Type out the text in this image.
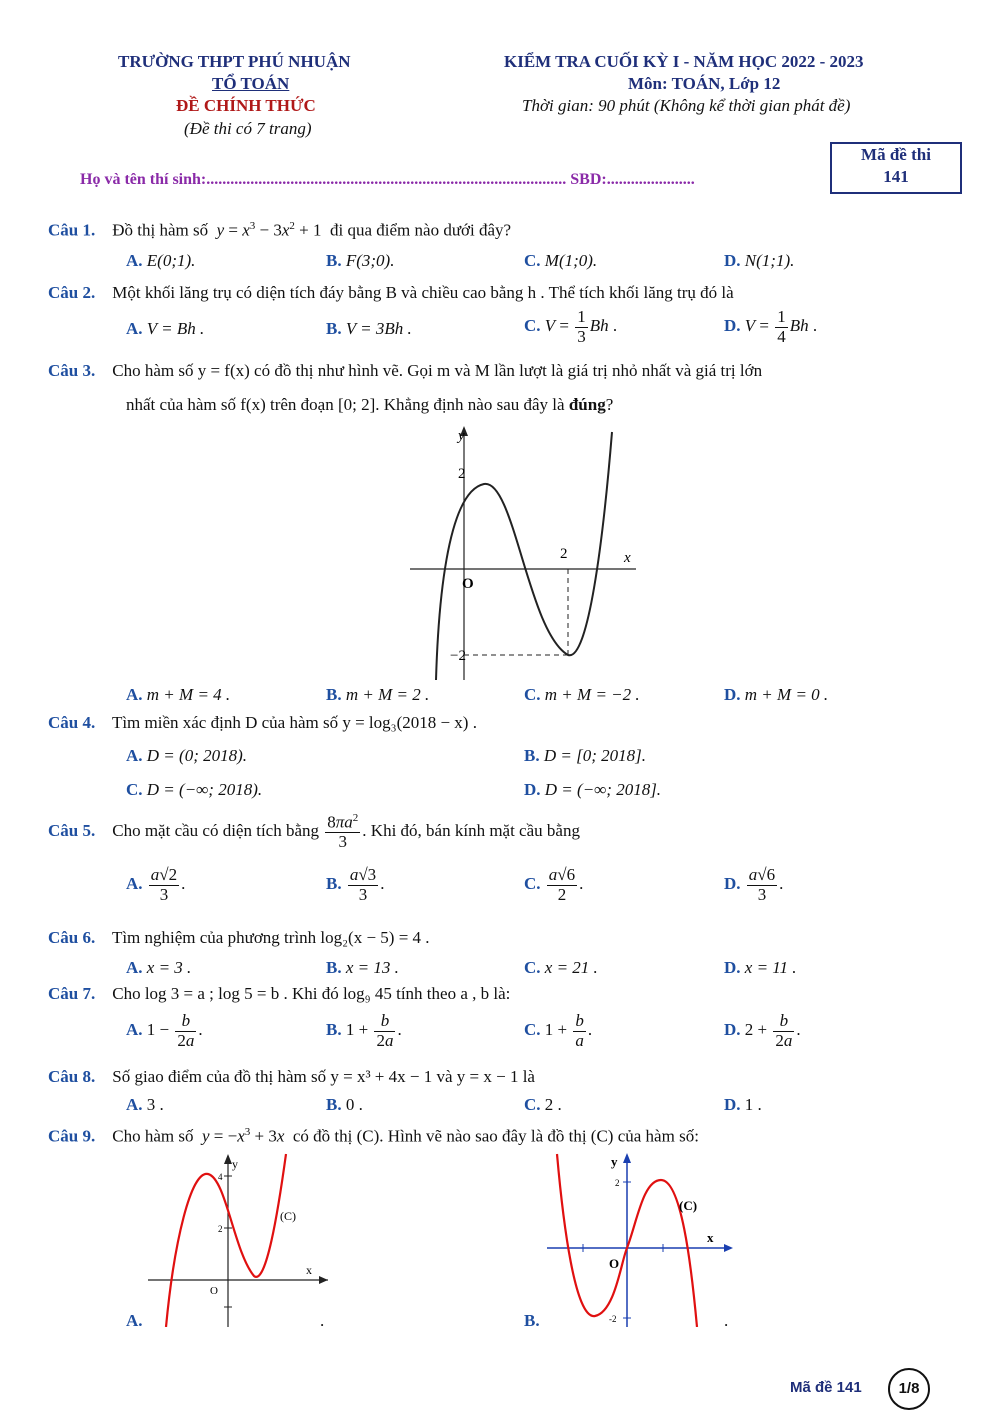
TRƯỜNG THPT PHÚ NHUẬN
TỔ TOÁN
ĐỀ CHÍNH THỨC
(Đề thi có 7 trang)
KIỂM TRA CUỐI KỲ I - NĂM HỌC 2022 - 2023
Môn: TOÁN, Lớp 12
Thời gian: 90 phút (Không kể thời gian phát đề)
Họ và tên thí sinh:.......................................................................................... SBD:......................
Mã đề thi
141
Câu 1. Đồ thị hàm số $y = x^3 - 3x^2 + 1$  đi qua điểm nào dưới đây?
A. E(0;1).	B. F(3;0).	C. M(1;0).	D. N(1;1).
Câu 2. Một khối lăng trụ có diện tích đáy bằng B và chiều cao bằng h . Thể tích khối lăng trụ đó là
A. V = Bh .	B. V = 3Bh .	C. $V = \frac{1}{3}$ Bh .	D. $V = \frac{1}{4}$ Bh .
Câu 3. Cho hàm số y = f(x) có đồ thị như hình vẽ. Gọi m và M lần lượt là giá trị nhỏ nhất và giá trị lớn
nhất của hàm số f(x) trên đoạn [0; 2]. Khẳng định nào sau đây là đúng?
y
x
2
2
O
−2
A. m + M = 4 .	B. m + M = 2 .	C. m + M = −2 .	D. m + M = 0 .
Câu 4. Tìm miền xác định D của hàm số y = log₃(2018 − x) .
A. D = (0; 2018).	B. D = [0; 2018].
C. D = (−∞; 2018).	D. D = (−∞; 2018].
Câu 5. Cho mặt cầu có diện tích bằng $\frac{8\pi a^2}{3}$ . Khi đó, bán kính mặt cầu bằng
A. $\frac{a√2}{3}$ .	B. $\frac{a√3}{3}$ .	C. $\frac{a√6}{2}$ .	D. $\frac{a√6}{3}$ .
Câu 6. Tìm nghiệm của phương trình log₂(x − 5) = 4 .
A. x = 3 .	B. x = 13 .	C. x = 21 .	D. x = 11 .
Câu 7. Cho log 3 = a ; log 5 = b . Khi đó log₉ 45 tính theo a , b là:
A. $1 - \frac{b}{2a}$ .	B. $1 + \frac{b}{2a}$ .	C. $1 + \frac{b}{a}$ .	D. $2 + \frac{b}{2a}$ .
Câu 8. Số giao điểm của đồ thị hàm số y = x³ + 4x − 1 và y = x − 1 là
A. 3 .	B. 0 .	C. 2 .	D. 1 .
Câu 9. Cho hàm số $y = -x^3 + 3x$ có đồ thị (C). Hình vẽ nào sao đây là đồ thị (C) của hàm số:
y
x
(C)
O
4
2
A.	.
y
x
(C)
O
2
-2
B.	.
Mã đề 141	1/8
